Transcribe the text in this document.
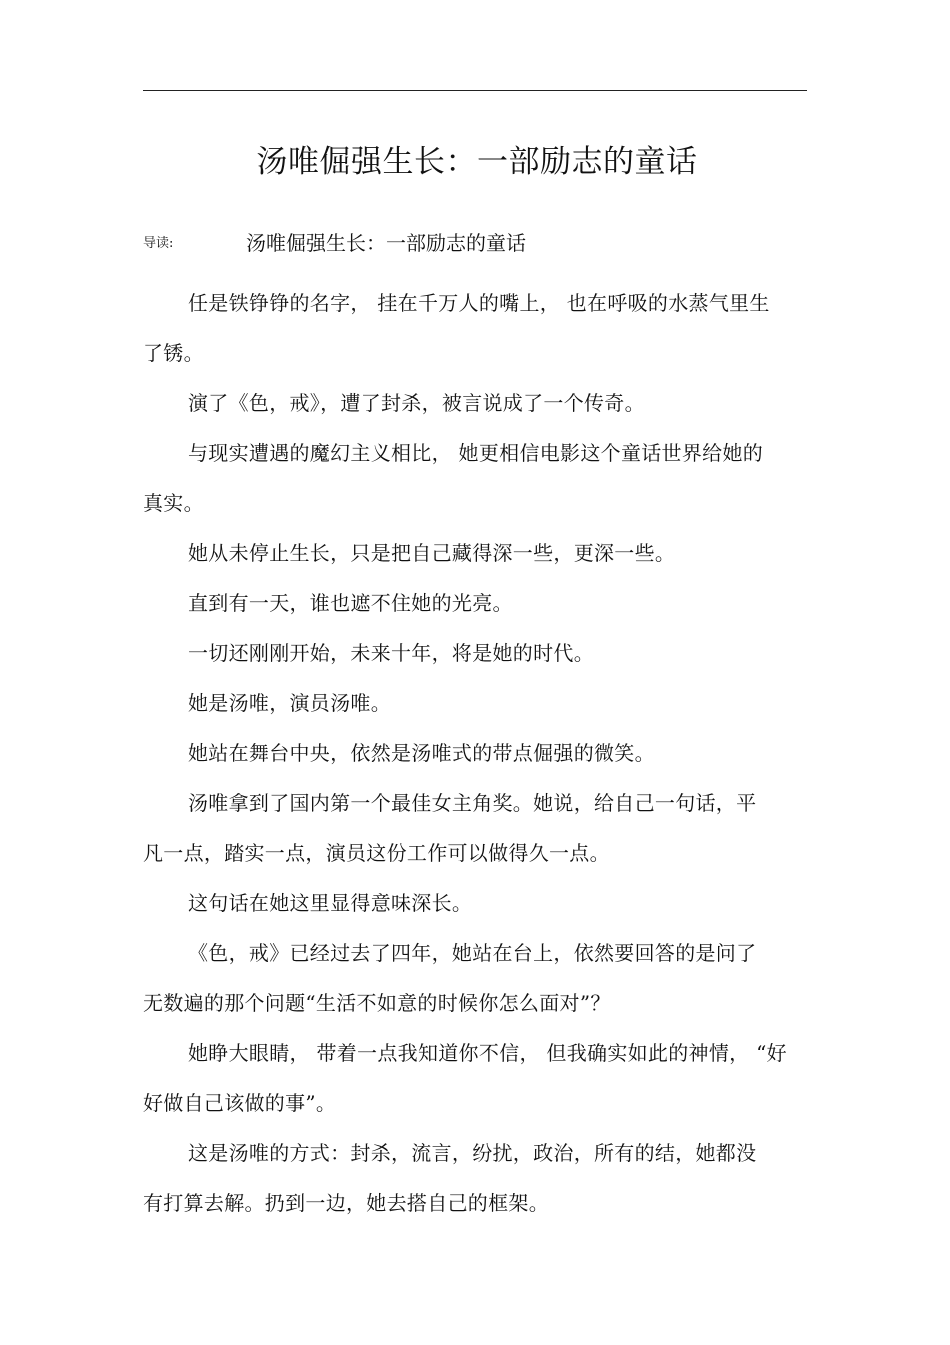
汤唯倔强生长：一部励志的童话
导读:	汤唯倔强生长：一部励志的童话

任是铁铮铮的名字， 挂在千万人的嘴上， 也在呼吸的水蒸气里生
了锈。

演了《色，戒》，遭了封杀，被言说成了一个传奇。

与现实遭遇的魔幻主义相比， 她更相信电影这个童话世界给她的
真实。

她从未停止生长，只是把自己藏得深一些，更深一些。

直到有一天，谁也遮不住她的光亮。

一切还刚刚开始，未来十年，将是她的时代。

她是汤唯，演员汤唯。

她站在舞台中央，依然是汤唯式的带点倔强的微笑。

汤唯拿到了国内第一个最佳女主角奖。她说，给自己一句话，平
凡一点，踏实一点，演员这份工作可以做得久一点。

这句话在她这里显得意味深长。

《色，戒》已经过去了四年，她站在台上，依然要回答的是问了
无数遍的那个问题“生活不如意的时候你怎么面对”？

她睁大眼睛， 带着一点我知道你不信， 但我确实如此的神情， “好
好做自己该做的事”。

这是汤唯的方式：封杀，流言，纷扰，政治，所有的结，她都没
有打算去解。扔到一边，她去搭自己的框架。
